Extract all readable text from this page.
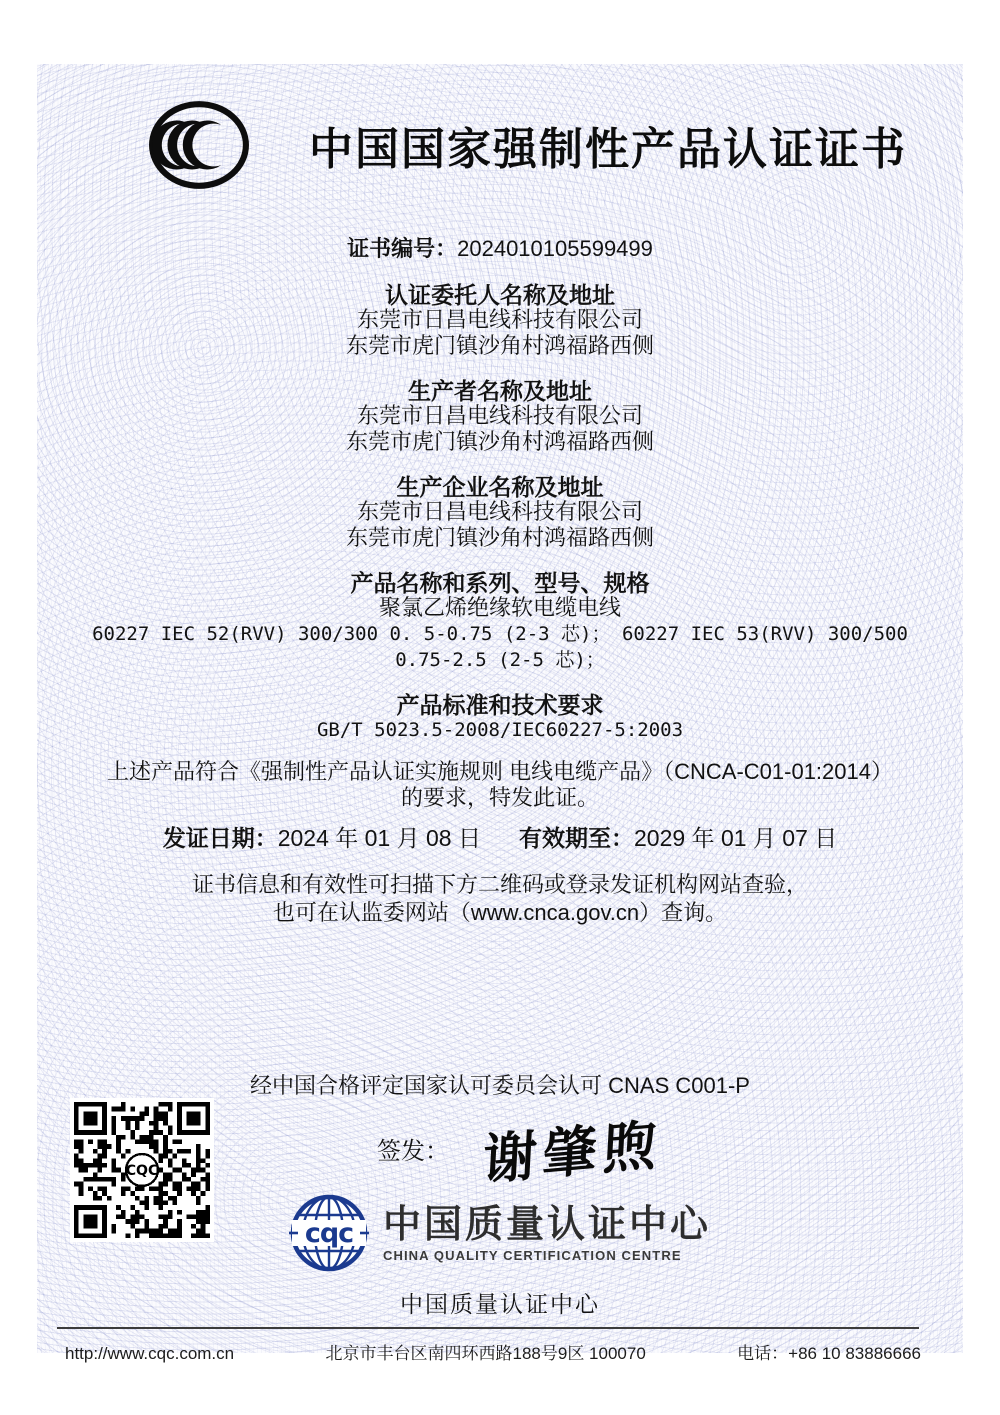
中国国家强制性产品认证证书
证书编号：2024010105599499
认证委托人名称及地址
东莞市日昌电线科技有限公司
东莞市虎门镇沙角村鸿福路西侧
生产者名称及地址
东莞市日昌电线科技有限公司
东莞市虎门镇沙角村鸿福路西侧
生产企业名称及地址
东莞市日昌电线科技有限公司
东莞市虎门镇沙角村鸿福路西侧
产品名称和系列、型号、规格
聚氯乙烯绝缘软电缆电线
60227 IEC 52(RVV) 300/300 0. 5-0.75 (2-3 芯)； 60227 IEC 53(RVV) 300/500
0.75-2.5 (2-5 芯)；
产品标准和技术要求
GB/T 5023.5-2008/IEC60227-5:2003
上述产品符合《强制性产品认证实施规则 电线电缆产品》（CNCA-C01-01:2014）
的要求，特发此证。
发证日期：2024 年 01 月 08 日 有效期至：2029 年 01 月 07 日
证书信息和有效性可扫描下方二维码或登录发证机构网站查验，
也可在认监委网站（www.cnca.gov.cn）查询。
经中国合格评定国家认可委员会认可 CNAS C001-P
签发： 谢肇煦
cqc 中国质量认证中心
CHINA QUALITY CERTIFICATION CENTRE
中国质量认证中心
http://www.cqc.com.cn	北京市丰台区南四环西路188号9区 100070	电话：+86 10 83886666
CQC
